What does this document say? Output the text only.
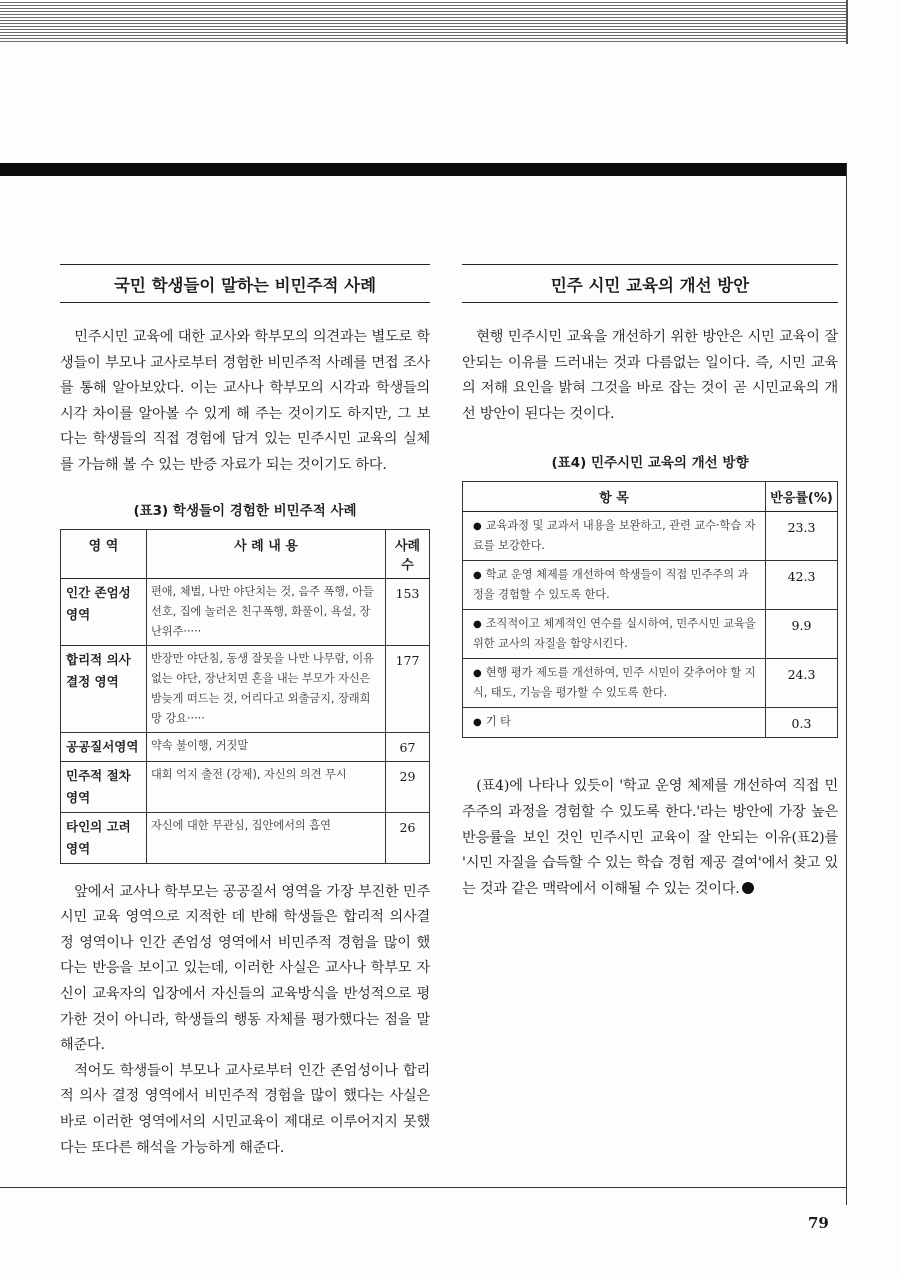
국민 학생들이 말하는 비민주적 사례

민주시민 교육에 대한 교사와 학부모의 의견과는 별도로 학생들이 부모나 교사로부터 경험한 비민주적 사례를 면접 조사를 통해 알아보았다. 이는 교사나 학부모의 시각과 학생들의 시각 차이를 알아볼 수 있게 해 주는 것이기도 하지만, 그 보다는 학생들의 직접 경험에 담겨 있는 민주시민 교육의 실체를 가늠해 볼 수 있는 반증 자료가 되는 것이기도 하다.

(표3) 학생들이 경험한 비민주적 사례
영 역	사 례 내 용	사례수
인간 존엄성 영역	편애, 체벌, 나만 야단치는 것, 음주 폭행, 아들 선호, 집에 놀러온 친구폭행, 화풀이, 욕설, 장난위주·····	153
합리적 의사 결정 영역	반장만 야단침, 동생 잘못을 나만 나무람, 이유없는 야단, 장난치면 혼을 내는 부모가 자신은 밤늦게 떠드는 것, 어리다고 외출금지, 장래희망 강요·····	177
공공질서영역	약속 불이행, 거짓말	67
민주적 절차 영역	대회 억지 출전 (강제), 자신의 의견 무시	29
타인의 고려 영역	자신에 대한 무관심, 집안에서의 흡연	26

앞에서 교사나 학부모는 공공질서 영역을 가장 부진한 민주시민 교육 영역으로 지적한 데 반해 학생들은 합리적 의사결정 영역이나 인간 존엄성 영역에서 비민주적 경험을 많이 했다는 반응을 보이고 있는데, 이러한 사실은 교사나 학부모 자신이 교육자의 입장에서 자신들의 교육방식을 반성적으로 평가한 것이 아니라, 학생들의 행동 자체를 평가했다는 점을 말해준다.

적어도 학생들이 부모나 교사로부터 인간 존엄성이나 합리적 의사 결정 영역에서 비민주적 경험을 많이 했다는 사실은 바로 이러한 영역에서의 시민교육이 제대로 이루어지지 못했다는 또다른 해석을 가능하게 해준다.

민주 시민 교육의 개선 방안

현행 민주시민 교육을 개선하기 위한 방안은 시민 교육이 잘 안되는 이유를 드러내는 것과 다름없는 일이다. 즉, 시민 교육의 저해 요인을 밝혀 그것을 바로 잡는 것이 곧 시민교육의 개선 방안이 된다는 것이다.

(표4) 민주시민 교육의 개선 방향
항 목	반응률(%)
● 교육과정 및 교과서 내용을 보완하고, 관련 교수·학습 자료를 보강한다.	23.3
● 학교 운영 체제를 개선하여 학생들이 직접 민주주의 과정을 경험할 수 있도록 한다.	42.3
● 조직적이고 체계적인 연수를 실시하여, 민주시민 교육을 위한 교사의 자질을 함양시킨다.	9.9
● 현행 평가 제도를 개선하여, 민주 시민이 갖추어야 할 지식, 태도, 기능을 평가할 수 있도록 한다.	24.3
● 기 타	0.3

(표4)에 나타나 있듯이 '학교 운영 체제를 개선하여 직접 민주주의 과정을 경험할 수 있도록 한다.'라는 방안에 가장 높은 반응률을 보인 것인 민주시민 교육이 잘 안되는 이유(표2)를 '시민 자질을 습득할 수 있는 학습 경험 제공 결여'에서 찾고 있는 것과 같은 맥락에서 이해될 수 있는 것이다.

79
